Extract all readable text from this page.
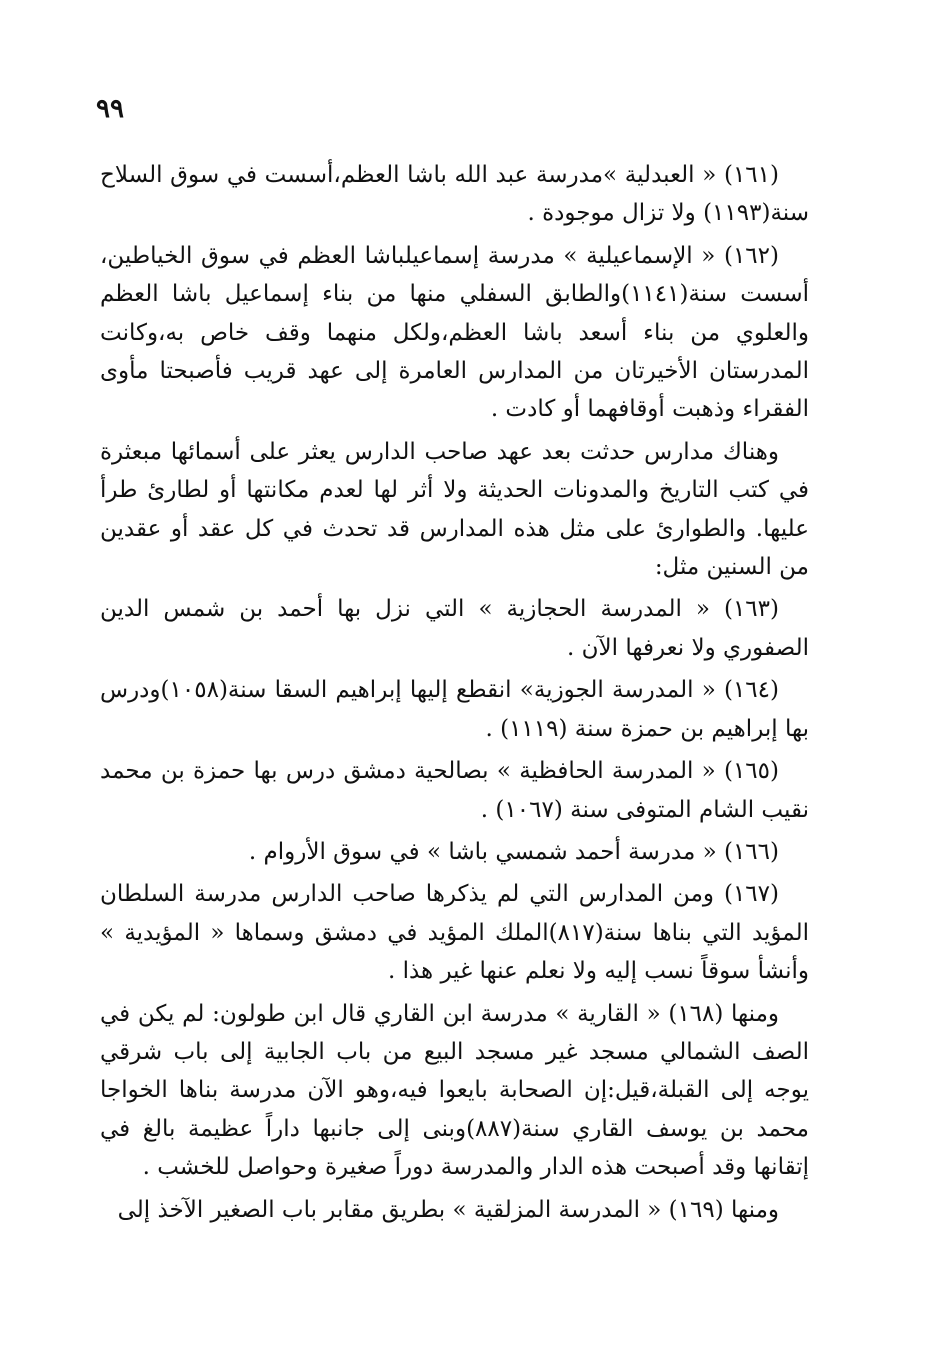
٩٩

(١٦١) « العبدلية »مدرسة عبد الله باشا العظم،أسست في سوق السلاح سنة(١١٩٣) ولا تزال موجودة .

(١٦٢) « الإسماعيلية » مدرسة إسماعيلباشا العظم في سوق الخياطين، أسست سنة(١١٤١)والطابق السفلي منها من بناء إسماعيل باشا العظم والعلوي من بناء أسعد باشا العظم،ولكل منهما وقف خاص به،وكانت المدرستان الأخيرتان من المدارس العامرة إلى عهد قريب فأصبحتا مأوى الفقراء وذهبت أوقافهما أو كادت .

وهناك مدارس حدثت بعد عهد صاحب الدارس يعثر على أسمائها مبعثرة في كتب التاريخ والمدونات الحديثة ولا أثر لها لعدم مكانتها أو لطارئ طرأ عليها. والطوارئ على مثل هذه المدارس قد تحدث في كل عقد أو عقدين من السنين مثل:

(١٦٣) « المدرسة الحجازية » التي نزل بها أحمد بن شمس الدين الصفوري ولا نعرفها الآن .

(١٦٤) « المدرسة الجوزية» انقطع إليها إبراهيم السقا سنة(١٠٥٨)ودرس بها إبراهيم بن حمزة سنة (١١١٩) .

(١٦٥) « المدرسة الحافظية » بصالحية دمشق درس بها حمزة بن محمد نقيب الشام المتوفى سنة (١٠٦٧) .

(١٦٦) « مدرسة أحمد شمسي باشا » في سوق الأروام .

(١٦٧) ومن المدارس التي لم يذكرها صاحب الدارس مدرسة السلطان المؤيد التي بناها سنة(٨١٧)الملك المؤيد في دمشق وسماها « المؤيدية » وأنشأ سوقاً نسب إليه ولا نعلم عنها غير هذا .

ومنها (١٦٨) « القارية » مدرسة ابن القاري قال ابن طولون: لم يكن في الصف الشمالي مسجد غير مسجد البيع من باب الجابية إلى باب شرقي يوجه إلى القبلة،قيل:إن الصحابة بايعوا فيه،وهو الآن مدرسة بناها الخواجا محمد بن يوسف القاري سنة(٨٨٧)وبنى إلى جانبها داراً عظيمة بالغ في إتقانها وقد أصبحت هذه الدار والمدرسة دوراً صغيرة وحواصل للخشب .

ومنها (١٦٩) « المدرسة المزلقية » بطريق مقابر باب الصغير الآخذ إلى
